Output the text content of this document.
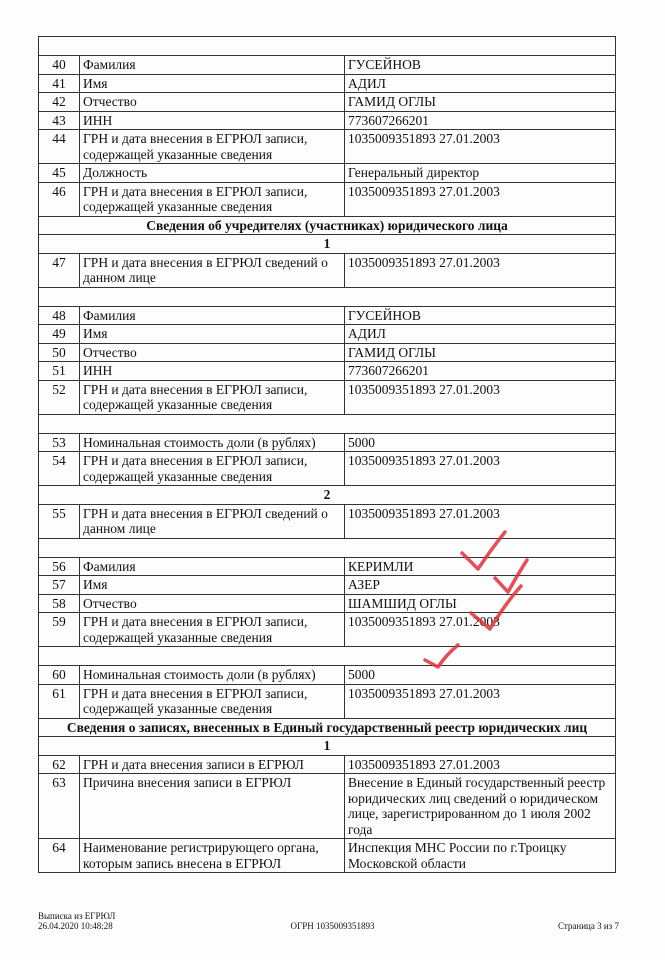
40	Фамилия	ГУСЕЙНОВ
41	Имя	АДИЛ
42	Отчество	ГАМИД ОГЛЫ
43	ИНН	773607266201
44	ГРН и дата внесения в ЕГРЮЛ записи, содержащей указанные сведения	1035009351893 27.01.2003
45	Должность	Генеральный директор
46	ГРН и дата внесения в ЕГРЮЛ записи, содержащей указанные сведения	1035009351893 27.01.2003
Сведения об учредителях (участниках) юридического лица		
1		
47	ГРН и дата внесения в ЕГРЮЛ сведений о данном лице	1035009351893 27.01.2003

48	Фамилия	ГУСЕЙНОВ
49	Имя	АДИЛ
50	Отчество	ГАМИД ОГЛЫ
51	ИНН	773607266201
52	ГРН и дата внесения в ЕГРЮЛ записи, содержащей указанные сведения	1035009351893 27.01.2003

53	Номинальная стоимость доли (в рублях)	5000
54	ГРН и дата внесения в ЕГРЮЛ записи, содержащей указанные сведения	1035009351893 27.01.2003
2		
55	ГРН и дата внесения в ЕГРЮЛ сведений о данном лице	1035009351893 27.01.2003

56	Фамилия	КЕРИМЛИ
57	Имя	АЗЕР
58	Отчество	ШАМШИД ОГЛЫ
59	ГРН и дата внесения в ЕГРЮЛ записи, содержащей указанные сведения	1035009351893 27.01.2003

60	Номинальная стоимость доли (в рублях)	5000
61	ГРН и дата внесения в ЕГРЮЛ записи, содержащей указанные сведения	1035009351893 27.01.2003
Сведения о записях, внесенных в Единый государственный реестр юридических лиц		
1		
62	ГРН и дата внесения записи в ЕГРЮЛ	1035009351893 27.01.2003
63	Причина внесения записи в ЕГРЮЛ	Внесение в Единый государственный реестр юридических лиц сведений о юридическом лице, зарегистрированном до 1 июля 2002 года
64	Наименование регистрирующего органа, которым запись внесена в ЕГРЮЛ	Инспекция МНС России по г.Троицку Московской области
Выписка из ЕГРЮЛ
26.04.2020 10:48:28	ОГРН 1035009351893	Страница 3 из 7
